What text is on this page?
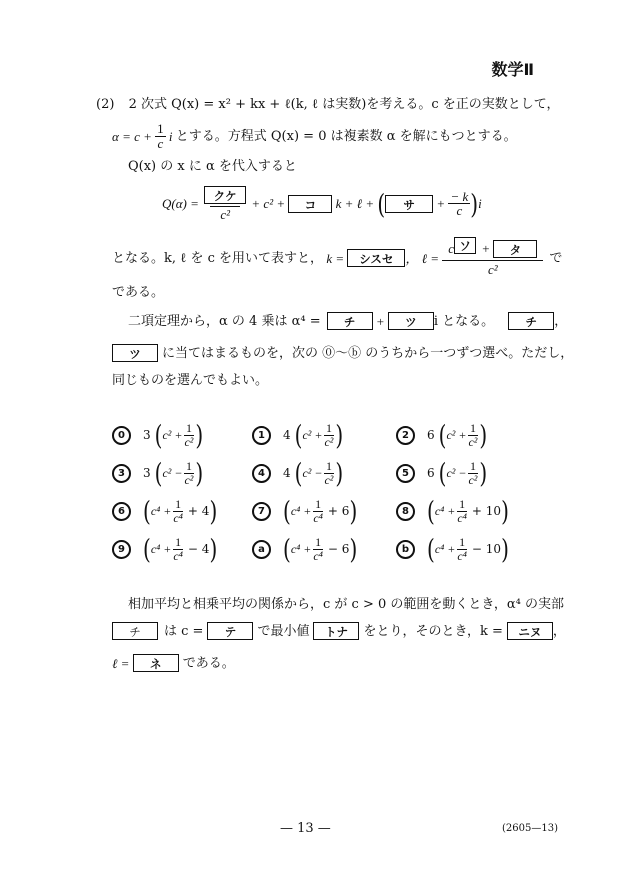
数学Ⅱ
(2) 2 次式 Q(x) = x² + kx + ℓ(k, ℓ は実数)を考える。c を正の実数として，
$\alpha = c + \frac{1}{c}$ i とする。方程式 Q(x) = 0 は複素数 α を解にもつとする。
Q(x) の x に α を代入すると
$Q(\alpha) = \frac{\text{クケ}}{\text{c²}} + c^2$ +	コ	k + ℓ + (	サ	+ $\frac{- k}{c}$ ) i
となる。k, ℓ を c を用いて表すと， k =	シスセ ， ℓ = c ソ +	タ
c² で
である。
二項定理から，α の 4 乗は α⁴ =	チ	+	ツ	i となる。	チ	，
ツ	に当てはまるものを，次の ⓪～ⓑ のうちから一つずつ選べ。ただし，
同じものを選んでもよい。
0	3 ( $c^2 + \frac{1}{\text{c²}}$ )	1	4 ( $c^2 + \frac{1}{\text{c²}}$ )	2	6 ( $c^2 + \frac{1}{\text{c²}}$ )
3	3 ( $c^2 - \frac{1}{\text{c²}}$ )	4	4 ( $c^2 - \frac{1}{\text{c²}}$ )	5	6 ( $c^2 - \frac{1}{\text{c²}}$ )
6 ( $c^4 + \frac{1}{\text{c⁴}} + 4$ )	7 ( $c^4 + \frac{1}{\text{c⁴}} + 6$ )	8 ( $c^4 + \frac{1}{\text{c⁴}} + 10$ )
9 ( $c^4 + \frac{1}{\text{c⁴}} - 4$ )	a ( $c^4 + \frac{1}{\text{c⁴}} - 6$ )	b ( $c^4 + \frac{1}{\text{c⁴}} - 10$ )
相加平均と相乗平均の関係から，c が c > 0 の範囲を動くとき，α⁴ の実部
チ	は c =	テ	で最小値	トナ	をとり，そのとき，k =	ニヌ ，
ℓ =	ネ	である。
— 13 —	(2605—13)
